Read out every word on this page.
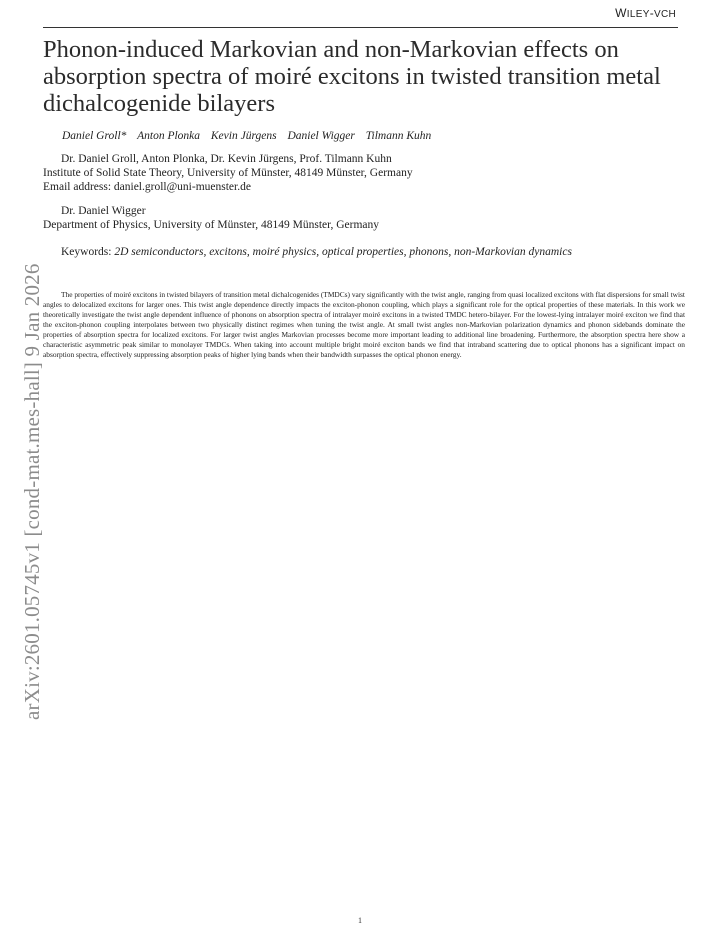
WILEY-VCH
Phonon-induced Markovian and non-Markovian effects on absorption spectra of moiré excitons in twisted transition metal dichalcogenide bilayers
Daniel Groll* Anton Plonka Kevin Jürgens Daniel Wigger Tilmann Kuhn
Dr. Daniel Groll, Anton Plonka, Dr. Kevin Jürgens, Prof. Tilmann Kuhn
Institute of Solid State Theory, University of Münster, 48149 Münster, Germany
Email address: daniel.groll@uni-muenster.de
Dr. Daniel Wigger
Department of Physics, University of Münster, 48149 Münster, Germany
Keywords: 2D semiconductors, excitons, moiré physics, optical properties, phonons, non-Markovian dynamics

The properties of moiré excitons in twisted bilayers of transition metal dichalcogenides (TMDCs) vary significantly with the twist angle, ranging from quasi localized excitons with flat dispersions for small twist angles to delocalized excitons for larger ones. This twist angle dependence directly impacts the exciton-phonon coupling, which plays a significant role for the optical properties of these materials. In this work we theoretically investigate the twist angle dependent influence of phonons on absorption spectra of intralayer moiré excitons in a twisted TMDC hetero-bilayer. For the lowest-lying intralayer moiré exciton we find that the exciton-phonon coupling interpolates between two physically distinct regimes when tuning the twist angle. At small twist angles non-Markovian polarization dynamics and phonon sidebands dominate the properties of absorption spectra for localized excitons. For larger twist angles Markovian processes become more important leading to additional line broadening. Furthermore, the absorption spectra here show a characteristic asymmetric peak similar to monolayer TMDCs. When taking into account multiple bright moiré exciton bands we find that intraband scattering due to optical phonons has a significant impact on absorption spectra, effectively suppressing absorption peaks of higher lying bands when their bandwidth surpasses the optical phonon energy.

arXiv:2601.05745v1 [cond-mat.mes-hall] 9 Jan 2026
1
